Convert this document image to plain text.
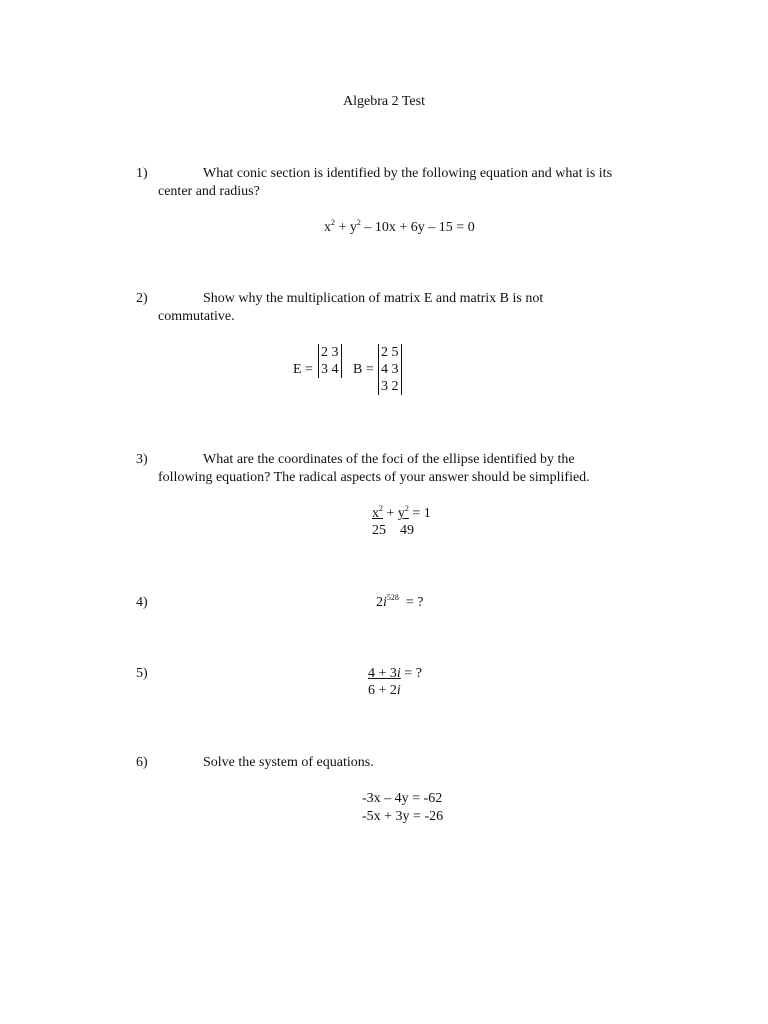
Algebra 2 Test
1)	What conic section is identified by the following equation and what is its
center and radius?
$x^2 + y^2 - 10x + 6y - 15 = 0$
2)	Show why the multiplication of matrix E and matrix B is not
commutative.
E =
2 3
3 4 B =
2 5
4 3
3 2
3)	What are the coordinates of the foci of the ellipse identified by the
following equation? The radical aspects of your answer should be simplified.
$x^2 + y^2 = 1$
25    49
4)	$2i^{528}$  = ?
5)	4 + 3i = ?
6 + 2i
6)	Solve the system of equations.
-3x – 4y = -62
-5x + 3y = -26
